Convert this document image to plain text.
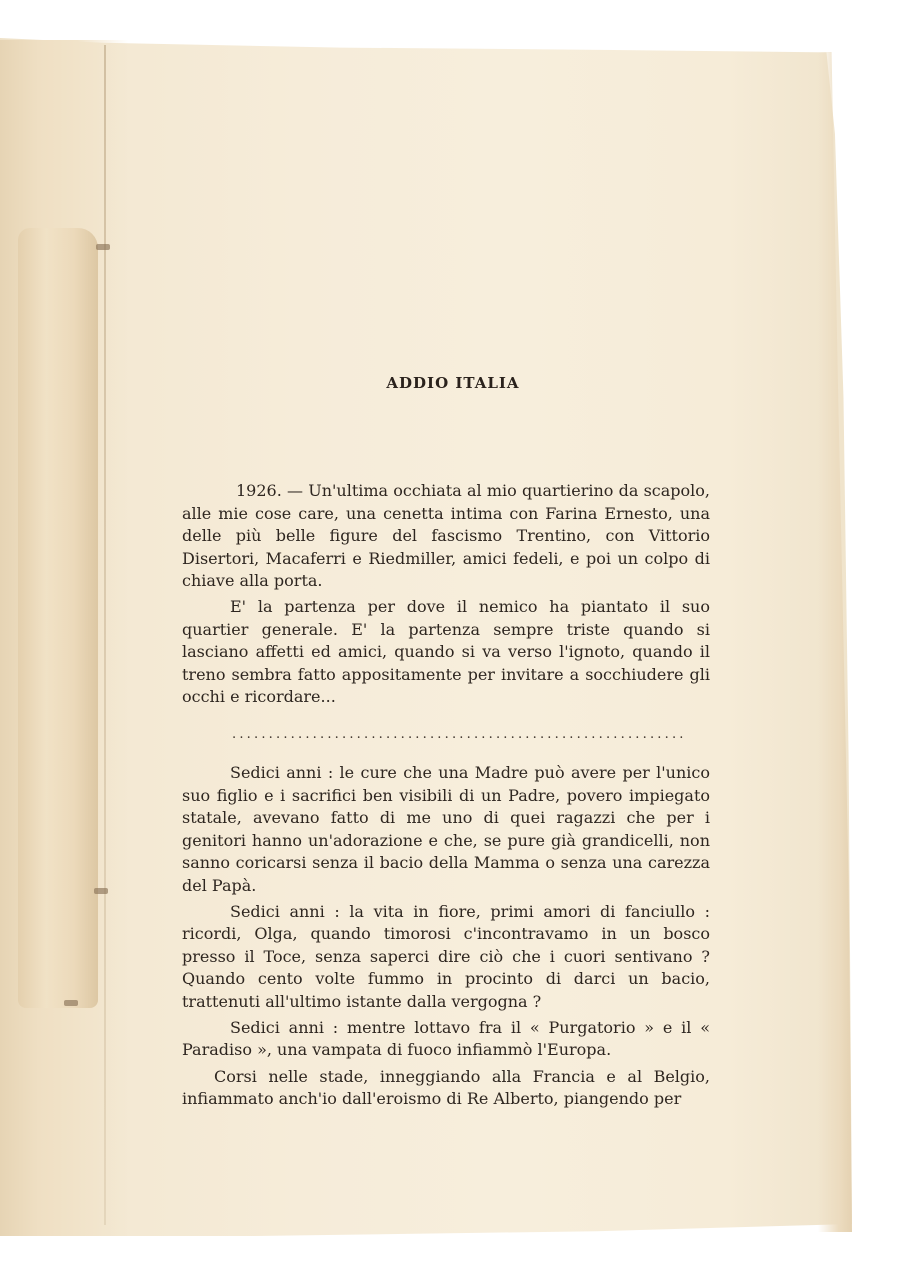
ADDIO ITALIA

1926. — Un'ultima occhiata al mio quartierino da scapolo, alle mie cose care, una cenetta intima con Farina Ernesto, una delle più belle figure del fascismo Trentino, con Vittorio Disertori, Macaferri e Riedmiller, amici fedeli, e poi un colpo di chiave alla porta.

E' la partenza per dove il nemico ha piantato il suo quartier generale. E' la partenza sempre triste quando si lasciano affetti ed amici, quando si va verso l'ignoto, quando il treno sembra fatto appositamente per invitare a socchiudere gli occhi e ricordare...

..............................................................

Sedici anni : le cure che una Madre può avere per l'unico suo figlio e i sacrifici ben visibili di un Padre, povero impiegato statale, avevano fatto di me uno di quei ragazzi che per i genitori hanno un'adorazione e che, se pure già grandicelli, non sanno coricarsi senza il bacio della Mamma o senza una carezza del Papà.

Sedici anni : la vita in fiore, primi amori di fanciullo : ricordi, Olga, quando timorosi c'incontravamo in un bosco presso il Toce, senza saperci dire ciò che i cuori sentivano ? Quando cento volte fummo in procinto di darci un bacio, trattenuti all'ultimo istante dalla vergogna ?

Sedici anni : mentre lottavo fra il « Purgatorio » e il « Paradiso », una vampata di fuoco infiammò l'Europa.

Corsi nelle stade, inneggiando alla Francia e al Belgio, infiammato anch'io dall'eroismo di Re Alberto, piangendo per
